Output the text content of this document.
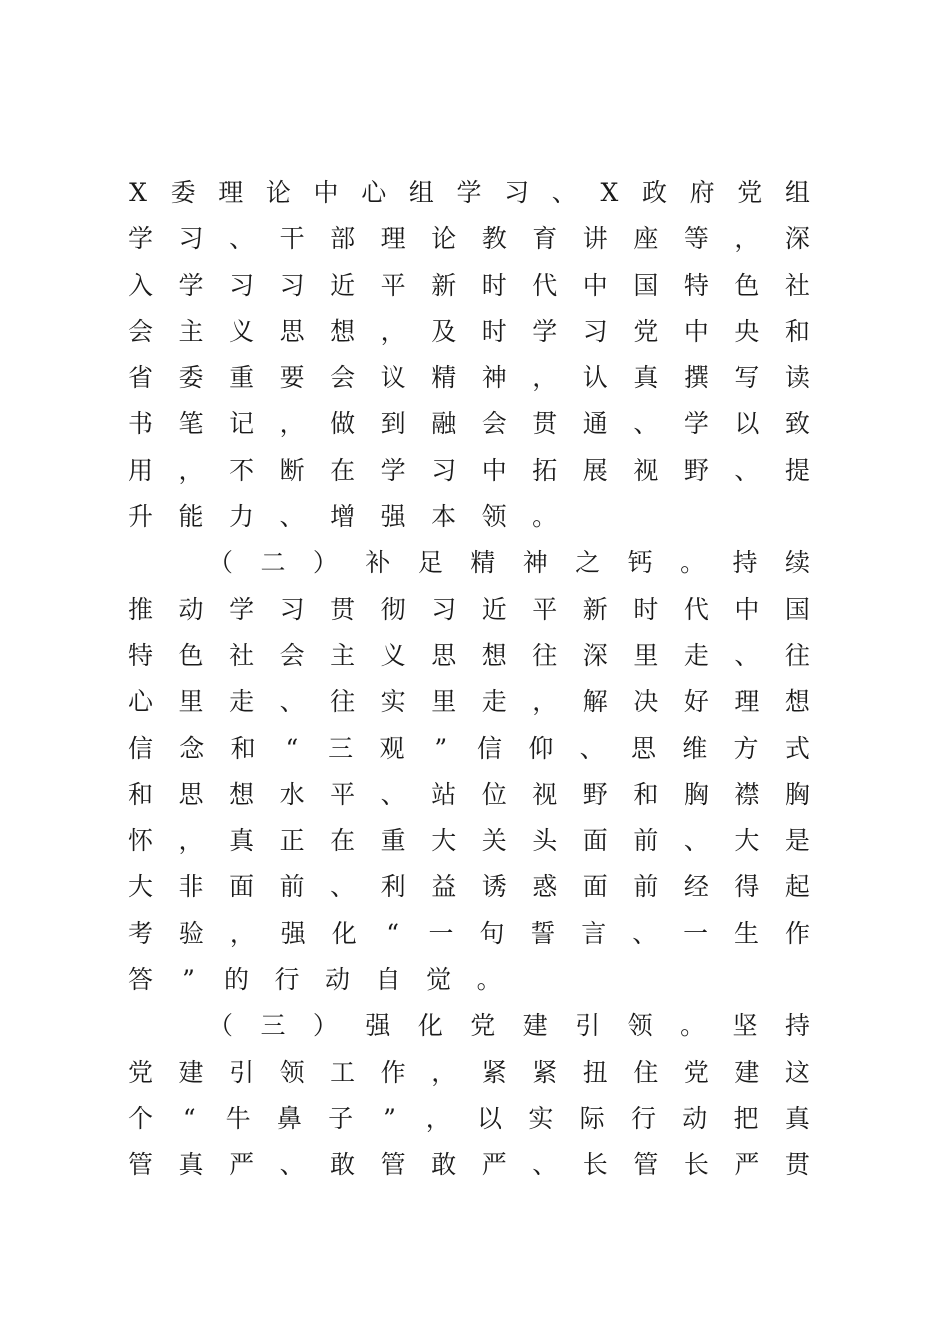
X 委 理 论 中 心 组 学 习 、 X 政 府 党 组
学 习 、 干 部 理 论 教 育 讲 座 等 ， 深
入 学 习 习 近 平 新 时 代 中 国 特 色 社
会 主 义 思 想 ， 及 时 学 习 党 中 央 和
省 委 重 要 会 议 精 神 ， 认 真 撰 写 读
书 笔 记 ， 做 到 融 会 贯 通 、 学 以 致
用 ， 不 断 在 学 习 中 拓 展 视 野 、 提
升 能 力 、 增 强 本 领 。
（ 二 ） 补 足 精 神 之 钙 。 持 续
推 动 学 习 贯 彻 习 近 平 新 时 代 中 国
特 色 社 会 主 义 思 想 往 深 里 走 、 往
心 里 走 、 往 实 里 走 ， 解 决 好 理 想
信 念 和 “ 三 观 ” 信 仰 、 思 维 方 式
和 思 想 水 平 、 站 位 视 野 和 胸 襟 胸
怀 ， 真 正 在 重 大 关 头 面 前 、 大 是
大 非 面 前 、 利 益 诱 惑 面 前 经 得 起
考 验 ， 强 化 “ 一 句 誓 言 、 一 生 作
答 ” 的 行 动 自 觉 。
（ 三 ） 强 化 党 建 引 领 。 坚 持
党 建 引 领 工 作 ， 紧 紧 扭 住 党 建 这
个 “ 牛 鼻 子 ” ， 以 实 际 行 动 把 真
管 真 严 、 敢 管 敢 严 、 长 管 长 严 贯
